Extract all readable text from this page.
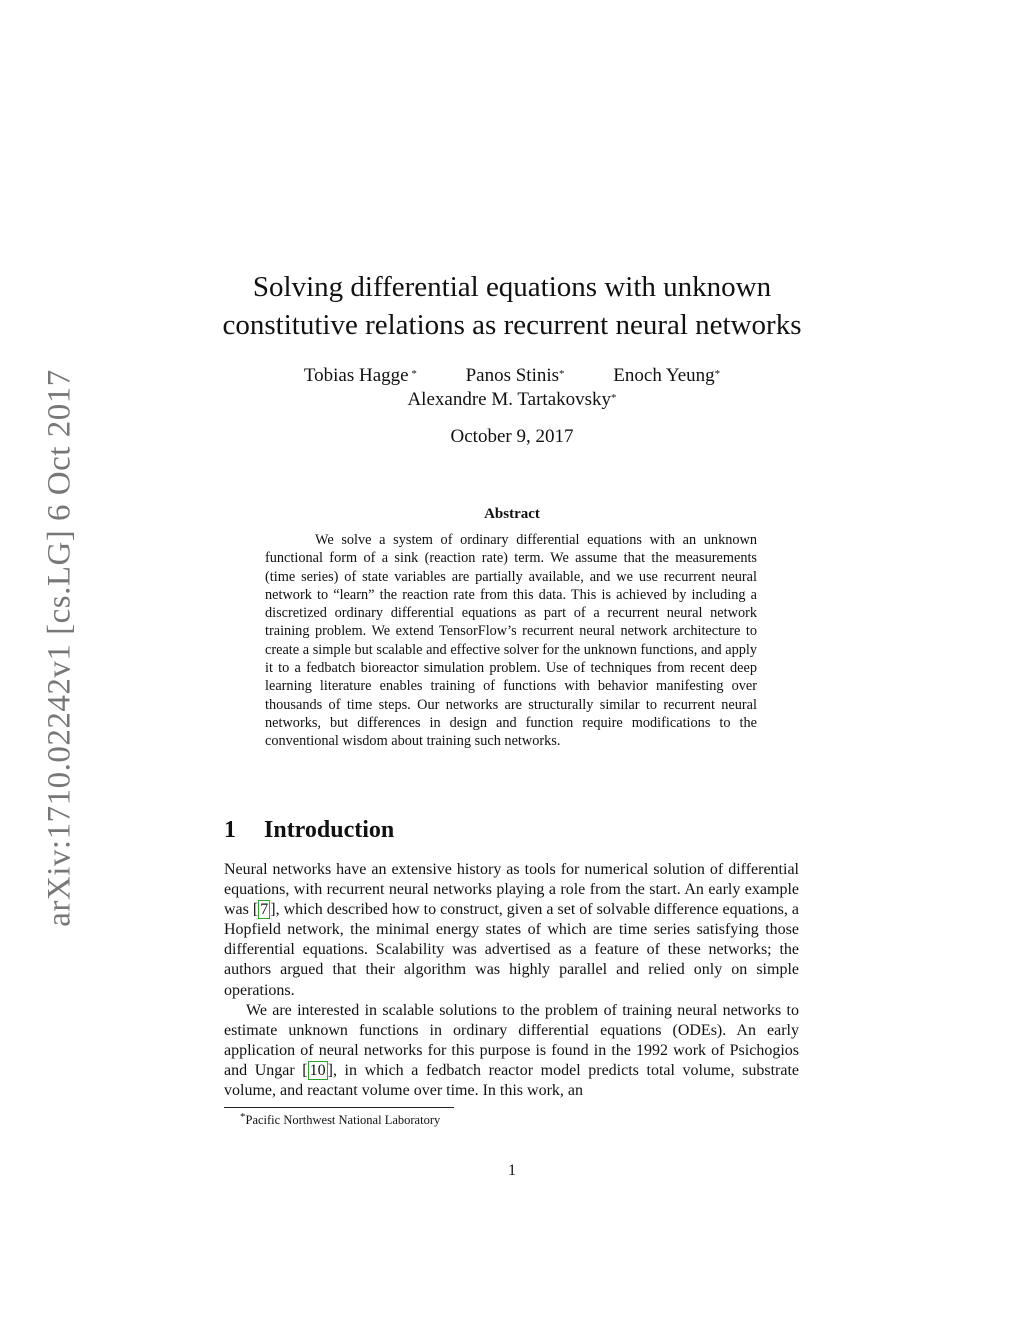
arXiv:1710.02242v1 [cs.LG] 6 Oct 2017
Solving differential equations with unknown
constitutive relations as recurrent neural networks
Tobias Hagge *	Panos Stinis*	Enoch Yeung*
Alexandre M. Tartakovsky*
October 9, 2017
Abstract
We solve a system of ordinary differential equations with an unknown functional form of a sink (reaction rate) term. We assume that the measurements (time series) of state variables are partially available, and we use recurrent neural network to “learn” the reaction rate from this data. This is achieved by including a discretized ordinary differential equations as part of a recurrent neural network training problem. We extend TensorFlow’s recurrent neural network architecture to create a simple but scalable and effective solver for the unknown functions, and apply it to a fedbatch bioreactor simulation problem. Use of techniques from recent deep learning literature enables training of functions with behavior manifesting over thousands of time steps. Our networks are structurally similar to recurrent neural networks, but differences in design and function require modifications to the conventional wisdom about training such networks.
1 Introduction

Neural networks have an extensive history as tools for numerical solution of differential equations, with recurrent neural networks playing a role from the start. An early example was [ 7 ], which described how to construct, given a set of solvable difference equations, a Hopfield network, the minimal energy states of which are time series satisfying those differential equations. Scalability was advertised as a feature of these networks; the authors argued that their algorithm was highly parallel and relied only on simple operations.

We are interested in scalable solutions to the problem of training neural networks to estimate unknown functions in ordinary differential equations (ODEs). An early application of neural networks for this purpose is found in the 1992 work of Psichogios and Ungar [ 10 ], in which a fedbatch reactor model predicts total volume, substrate volume, and reactant volume over time. In this work, an

*Pacific Northwest National Laboratory
1
